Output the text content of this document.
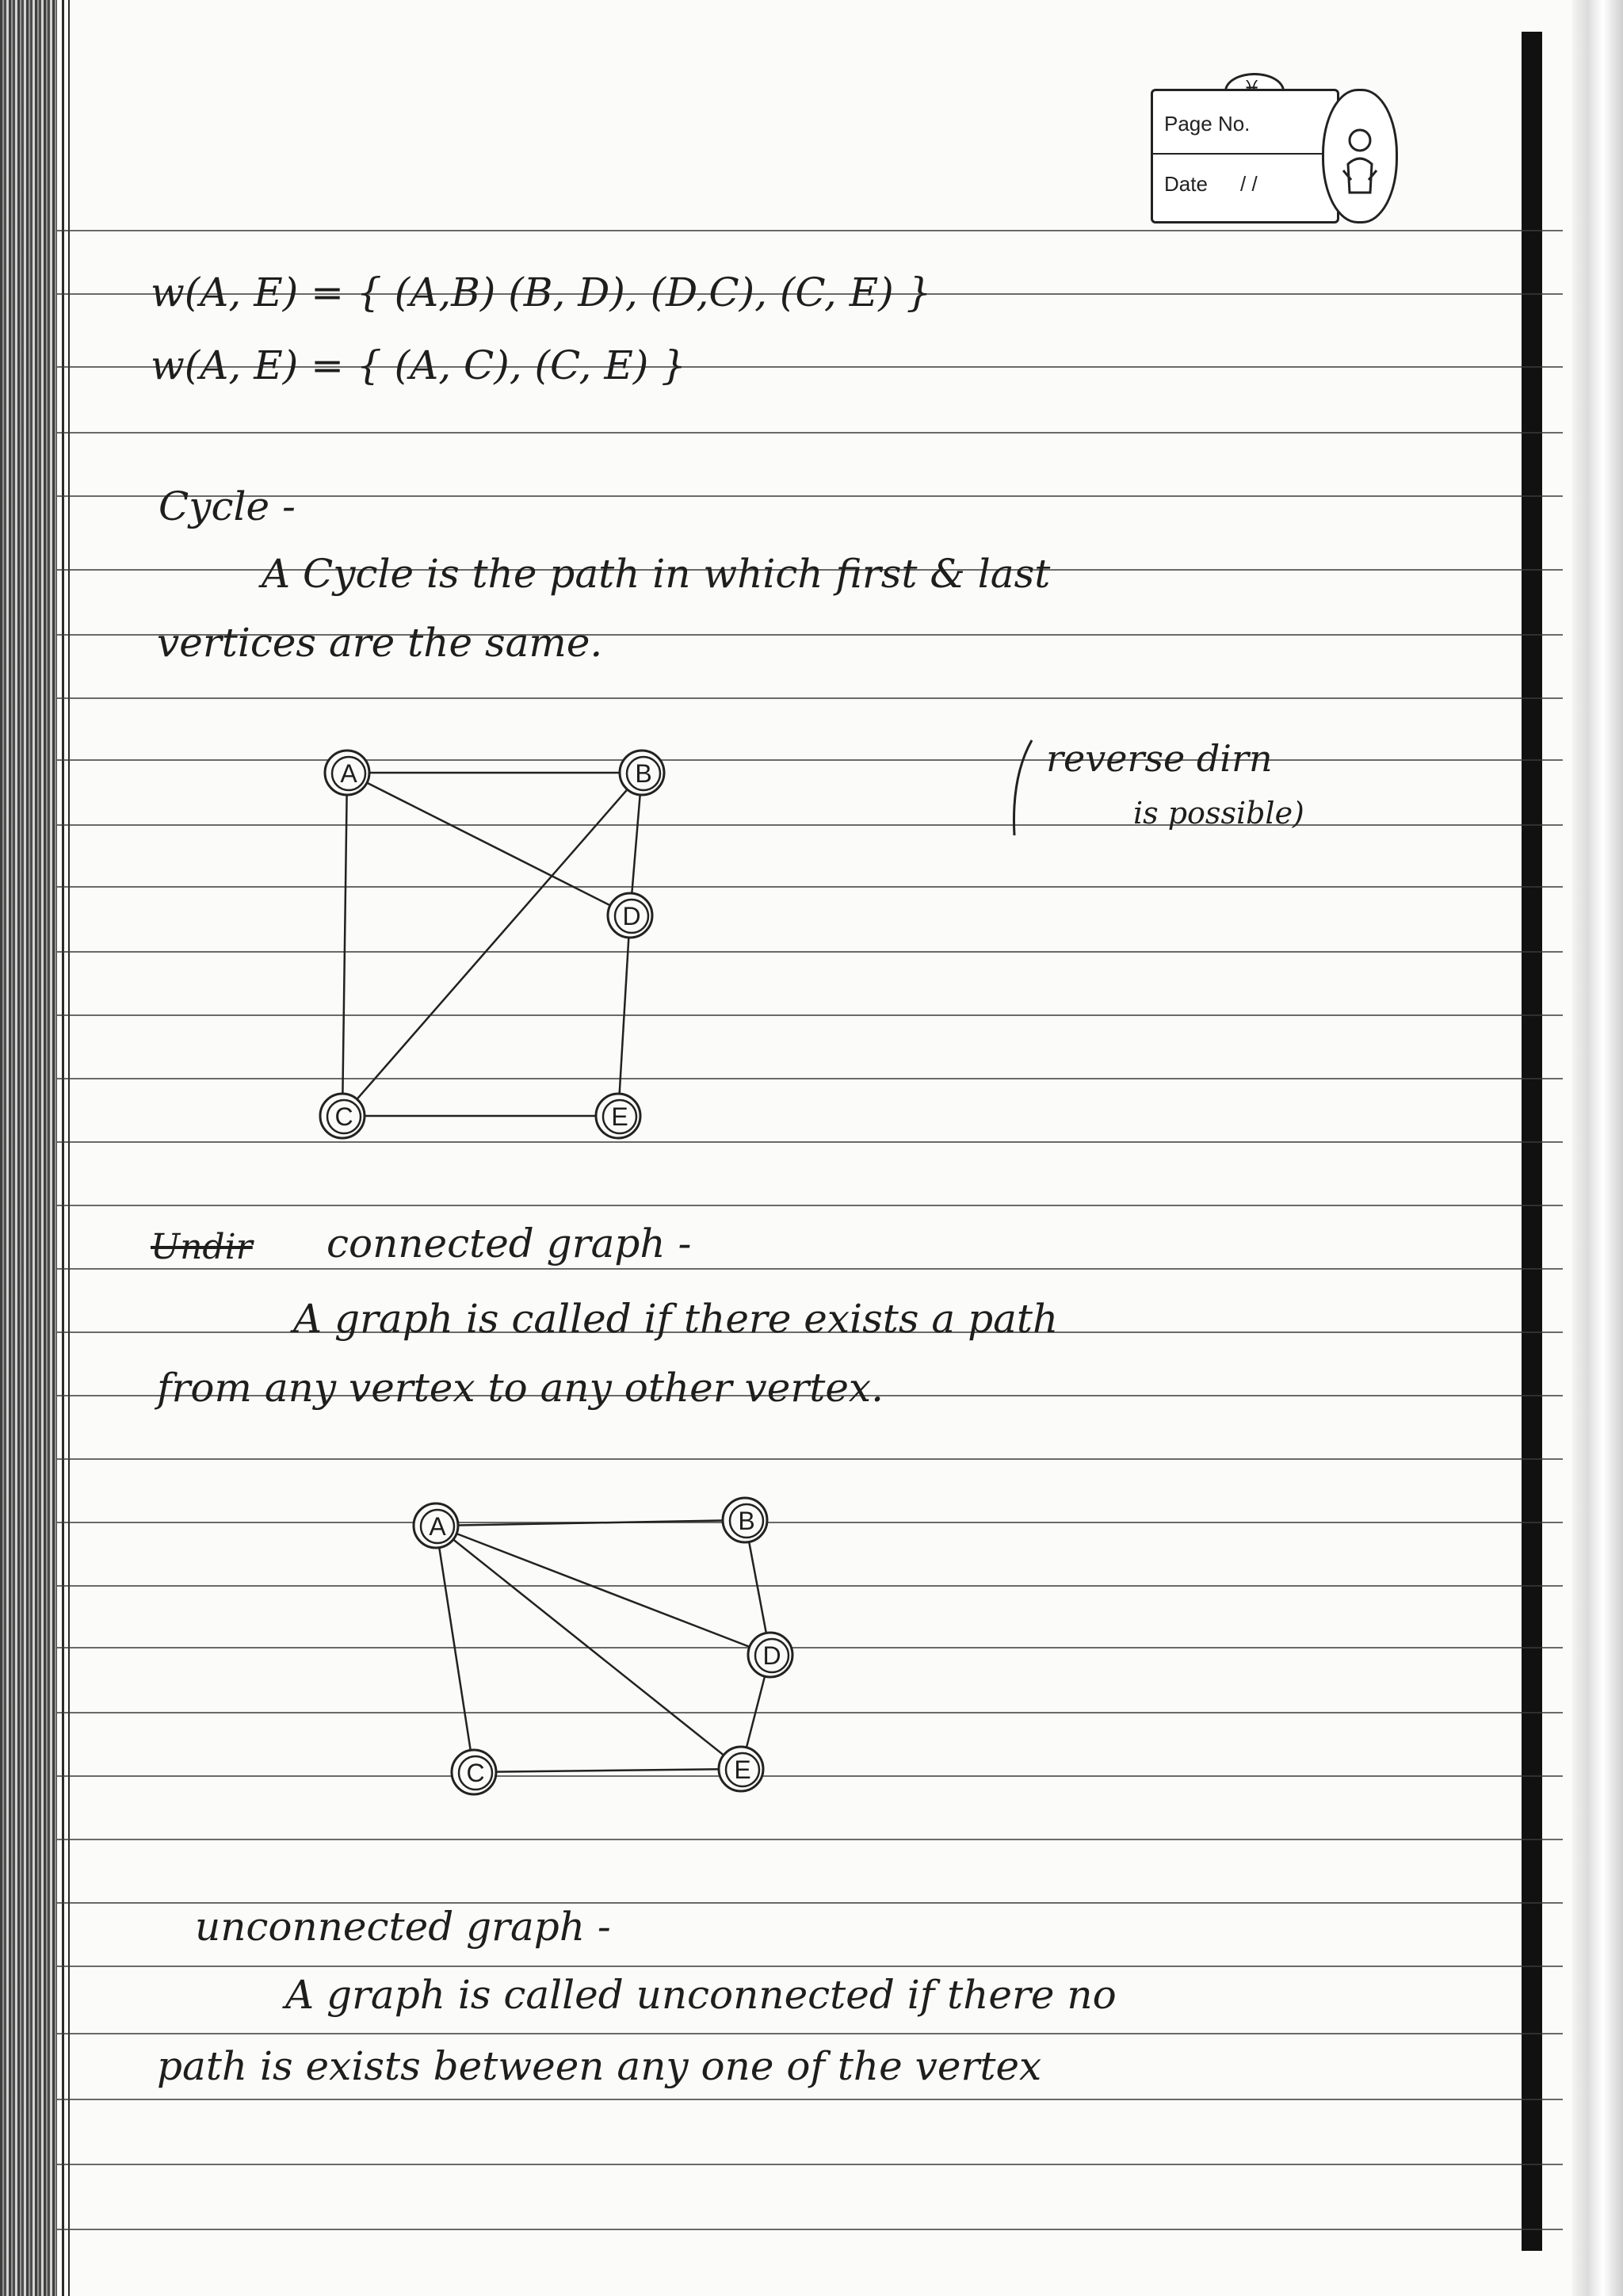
Page No.
Date / /
w(A, E) = { (A,B) (B, D), (D,C), (C, E) }
w(A, E) = { (A, C), (C, E) }
Cycle -
A Cycle is the path in which first & last
vertices are the same.
reverse dirn
is possible)
A	B
D
C	E
Undir connected graph -
A graph is called if there exists a path
from any vertex to any other vertex.
A	B
D
C	E
unconnected graph -
A graph is called unconnected if there no
path is exists between any one of the vertex
